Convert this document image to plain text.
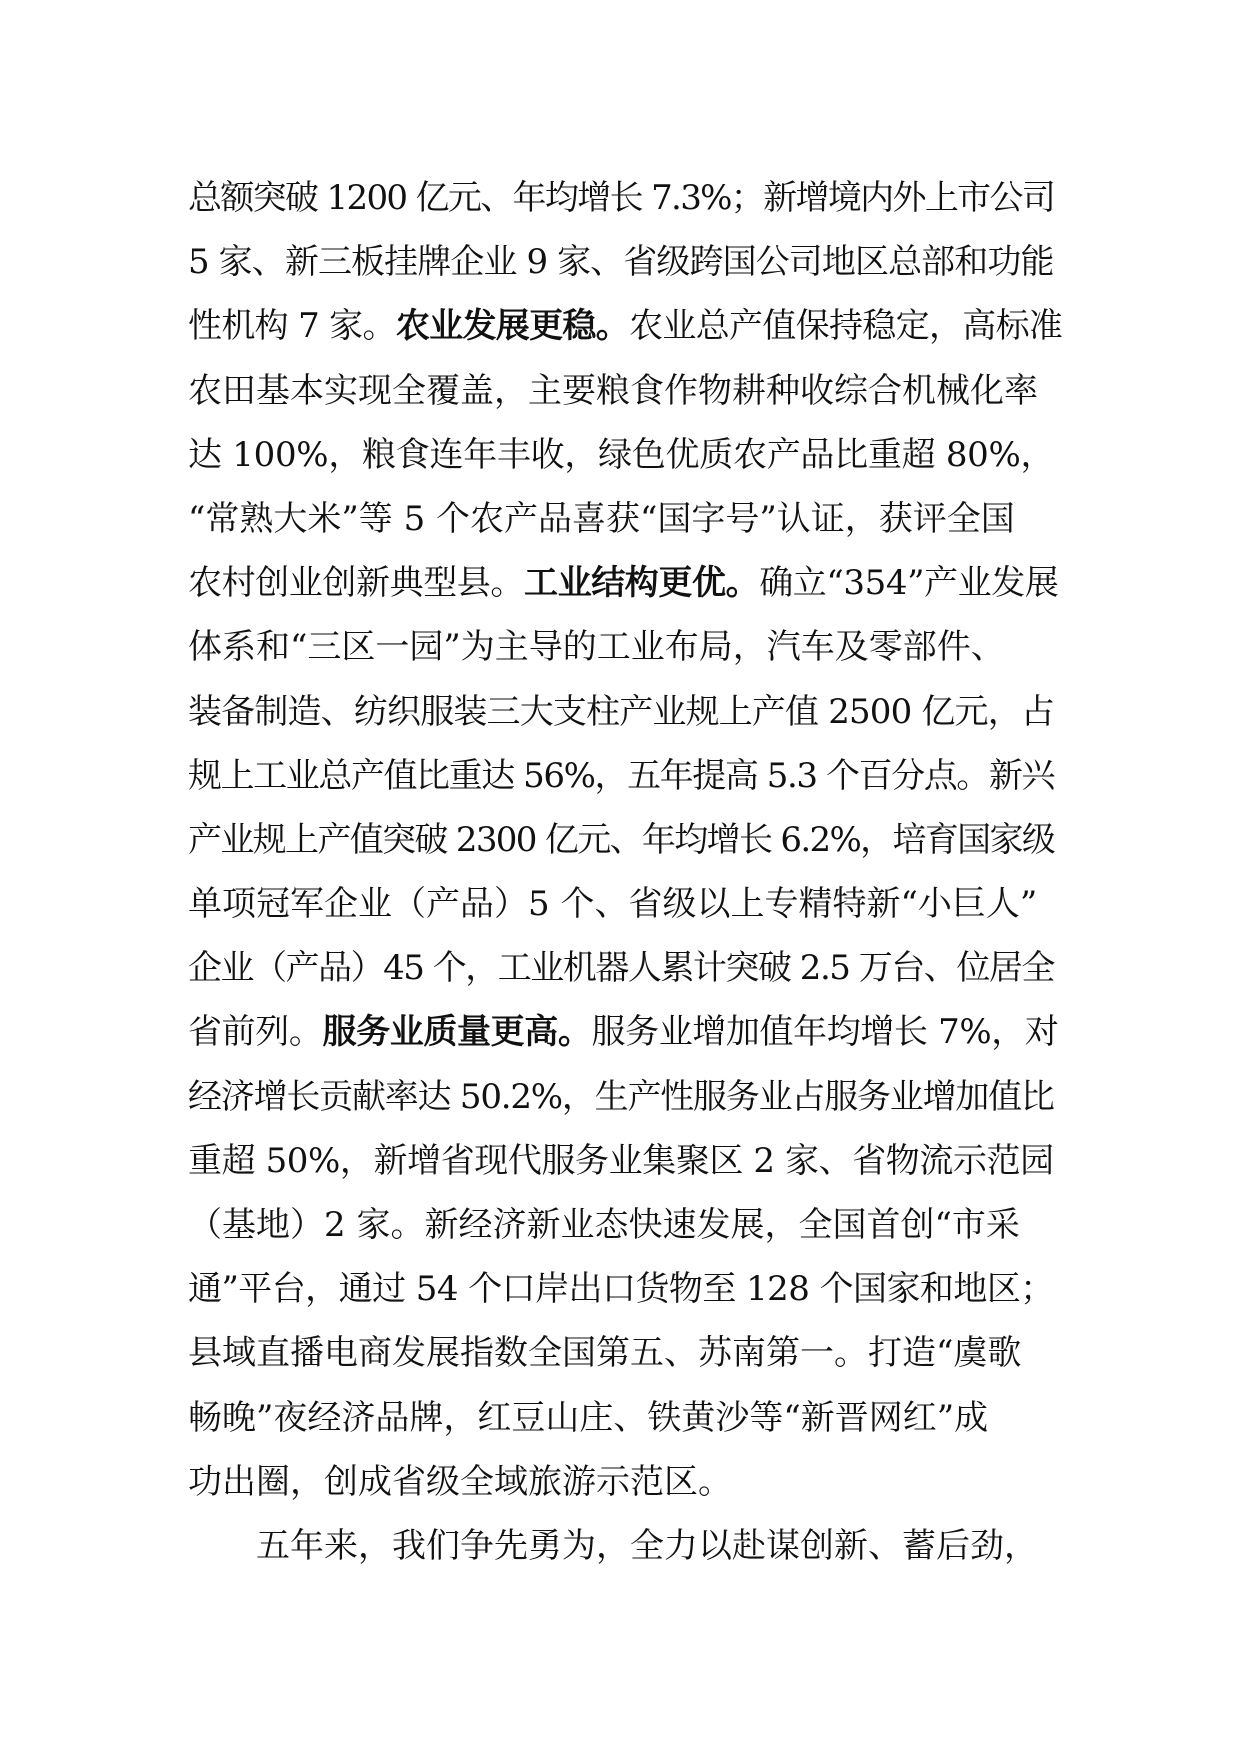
总额突破 1200 亿元、年均增长 7.3%；新增境内外上市公司
5 家、新三板挂牌企业 9 家、省级跨国公司地区总部和功能
性机构 7 家。农业发展更稳。农业总产值保持稳定，高标准
农田基本实现全覆盖，主要粮食作物耕种收综合机械化率
达 100%，粮食连年丰收，绿色优质农产品比重超 80%，
“常熟大米”等 5 个农产品喜获“国字号”认证，获评全国
农村创业创新典型县。工业结构更优。确立“354”产业发展
体系和“三区一园”为主导的工业布局，汽车及零部件、
装备制造、纺织服装三大支柱产业规上产值 2500 亿元，占
规上工业总产值比重达 56%，五年提高 5.3 个百分点。新兴
产业规上产值突破 2300 亿元、年均增长 6.2%，培育国家级
单项冠军企业（产品）5 个、省级以上专精特新“小巨人”
企业（产品）45 个，工业机器人累计突破 2.5 万台、位居全
省前列。服务业质量更高。服务业增加值年均增长 7%，对
经济增长贡献率达 50.2%，生产性服务业占服务业增加值比
重超 50%，新增省现代服务业集聚区 2 家、省物流示范园
（基地）2 家。新经济新业态快速发展，全国首创“市采
通”平台，通过 54 个口岸出口货物至 128 个国家和地区；
县域直播电商发展指数全国第五、苏南第一。打造“虞歌
畅晚”夜经济品牌，红豆山庄、铁黄沙等“新晋网红”成
功出圈，创成省级全域旅游示范区。
五年来，我们争先勇为，全力以赴谋创新、蓄后劲，
